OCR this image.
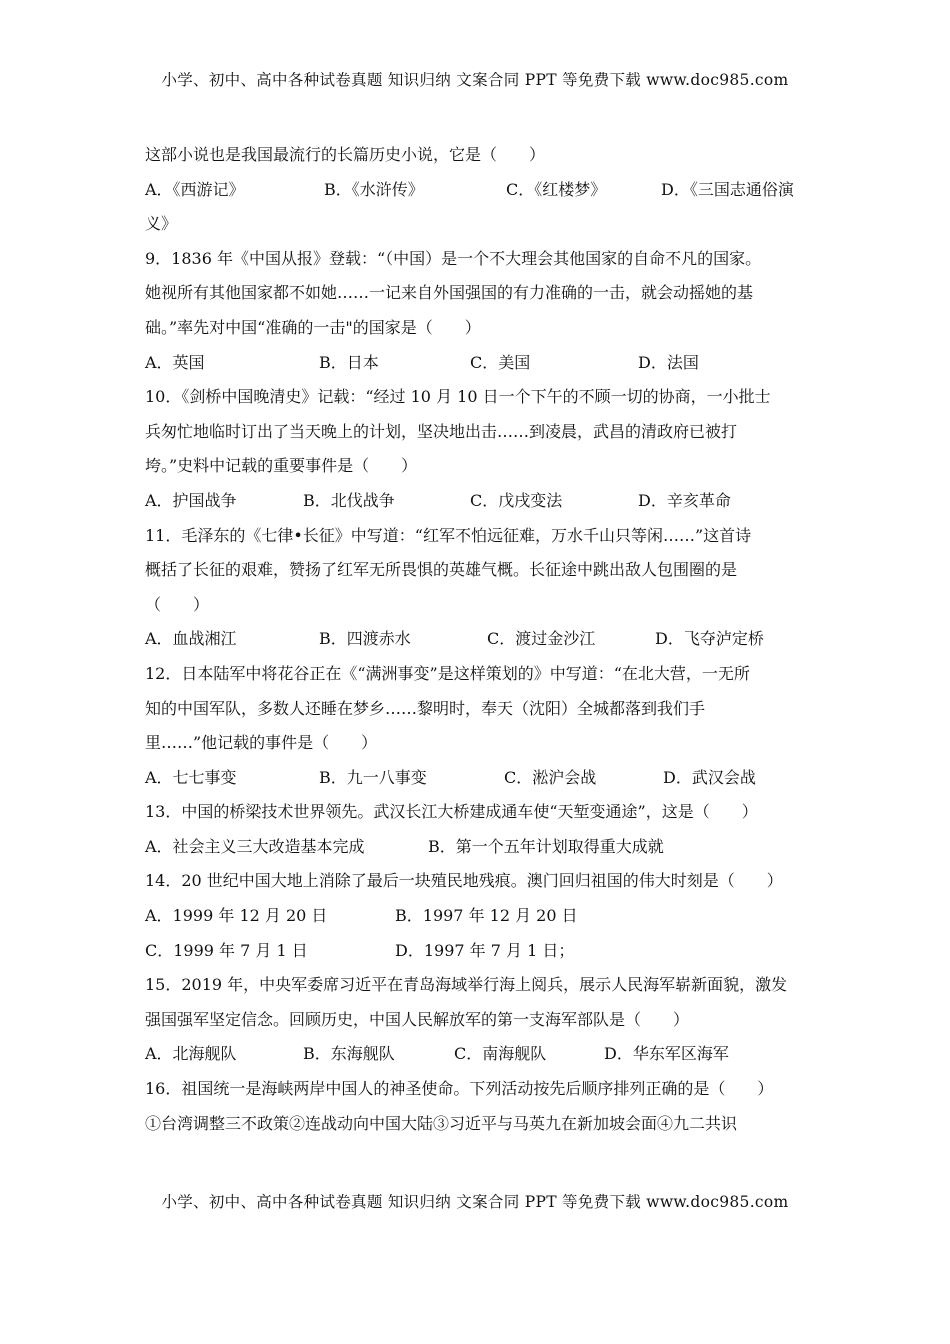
小学、初中、高中各种试卷真题 知识归纳 文案合同 PPT 等免费下载 www.doc985.com
这部小说也是我国最流行的长篇历史小说，它是（　　）
A．《西游记》	B．《水浒传》	C．《红楼梦》	D．《三国志通俗演
义》
9．1836 年《中国从报》登载：“（中国）是一个不大理会其他国家的自命不凡的国家。
她视所有其他国家都不如她……一记来自外国强国的有力准确的一击，就会动摇她的基
础。”率先对中国“准确的一击"的国家是（　　）
A．英国	B．日本	C．美国	D．法国
10．《剑桥中国晚清史》记载：“经过 10 月 10 日一个下午的不顾一切的协商，一小批士
兵匆忙地临时订出了当天晚上的计划，坚决地出击……到凌晨，武昌的清政府已被打
垮。”史料中记载的重要事件是（　　）
A．护国战争	B．北伐战争	C．戊戌变法	D．辛亥革命
11．毛泽东的《七律•长征》中写道：“红军不怕远征难，万水千山只等闲……”这首诗
概括了长征的艰难，赞扬了红军无所畏惧的英雄气概。长征途中跳出敌人包围圈的是
（　　）
A．血战湘江	B．四渡赤水	C．渡过金沙江	D．飞夺泸定桥
12．日本陆军中将花谷正在《“满洲事变”是这样策划的》中写道：“在北大营，一无所
知的中国军队，多数人还睡在梦乡……黎明时，奉天（沈阳）全城都落到我们手
里……”他记载的事件是（　　）
A．七七事变	B．九一八事变	C．淞沪会战	D．武汉会战
13．中国的桥梁技术世界领先。武汉长江大桥建成通车使“天堑变通途”，这是（　　）
A．社会主义三大改造基本完成	B．第一个五年计划取得重大成就
14．20 世纪中国大地上消除了最后一块殖民地残痕。澳门回归祖国的伟大时刻是（　　）
A．1999 年 12 月 20 日	B．1997 年 12 月 20 日
C．1999 年 7 月 1 日	D．1997 年 7 月 1 日；
15．2019 年，中央军委席习近平在青岛海域举行海上阅兵，展示人民海军崭新面貌，激发
强国强军坚定信念。回顾历史，中国人民解放军的第一支海军部队是（　　）
A．北海舰队	B．东海舰队	C．南海舰队	D．华东军区海军
16．祖国统一是海峡两岸中国人的神圣使命。下列活动按先后顺序排列正确的是（　　）
①台湾调整三不政策②连战动向中国大陆③习近平与马英九在新加坡会面④九二共识
小学、初中、高中各种试卷真题 知识归纳 文案合同 PPT 等免费下载 www.doc985.com
